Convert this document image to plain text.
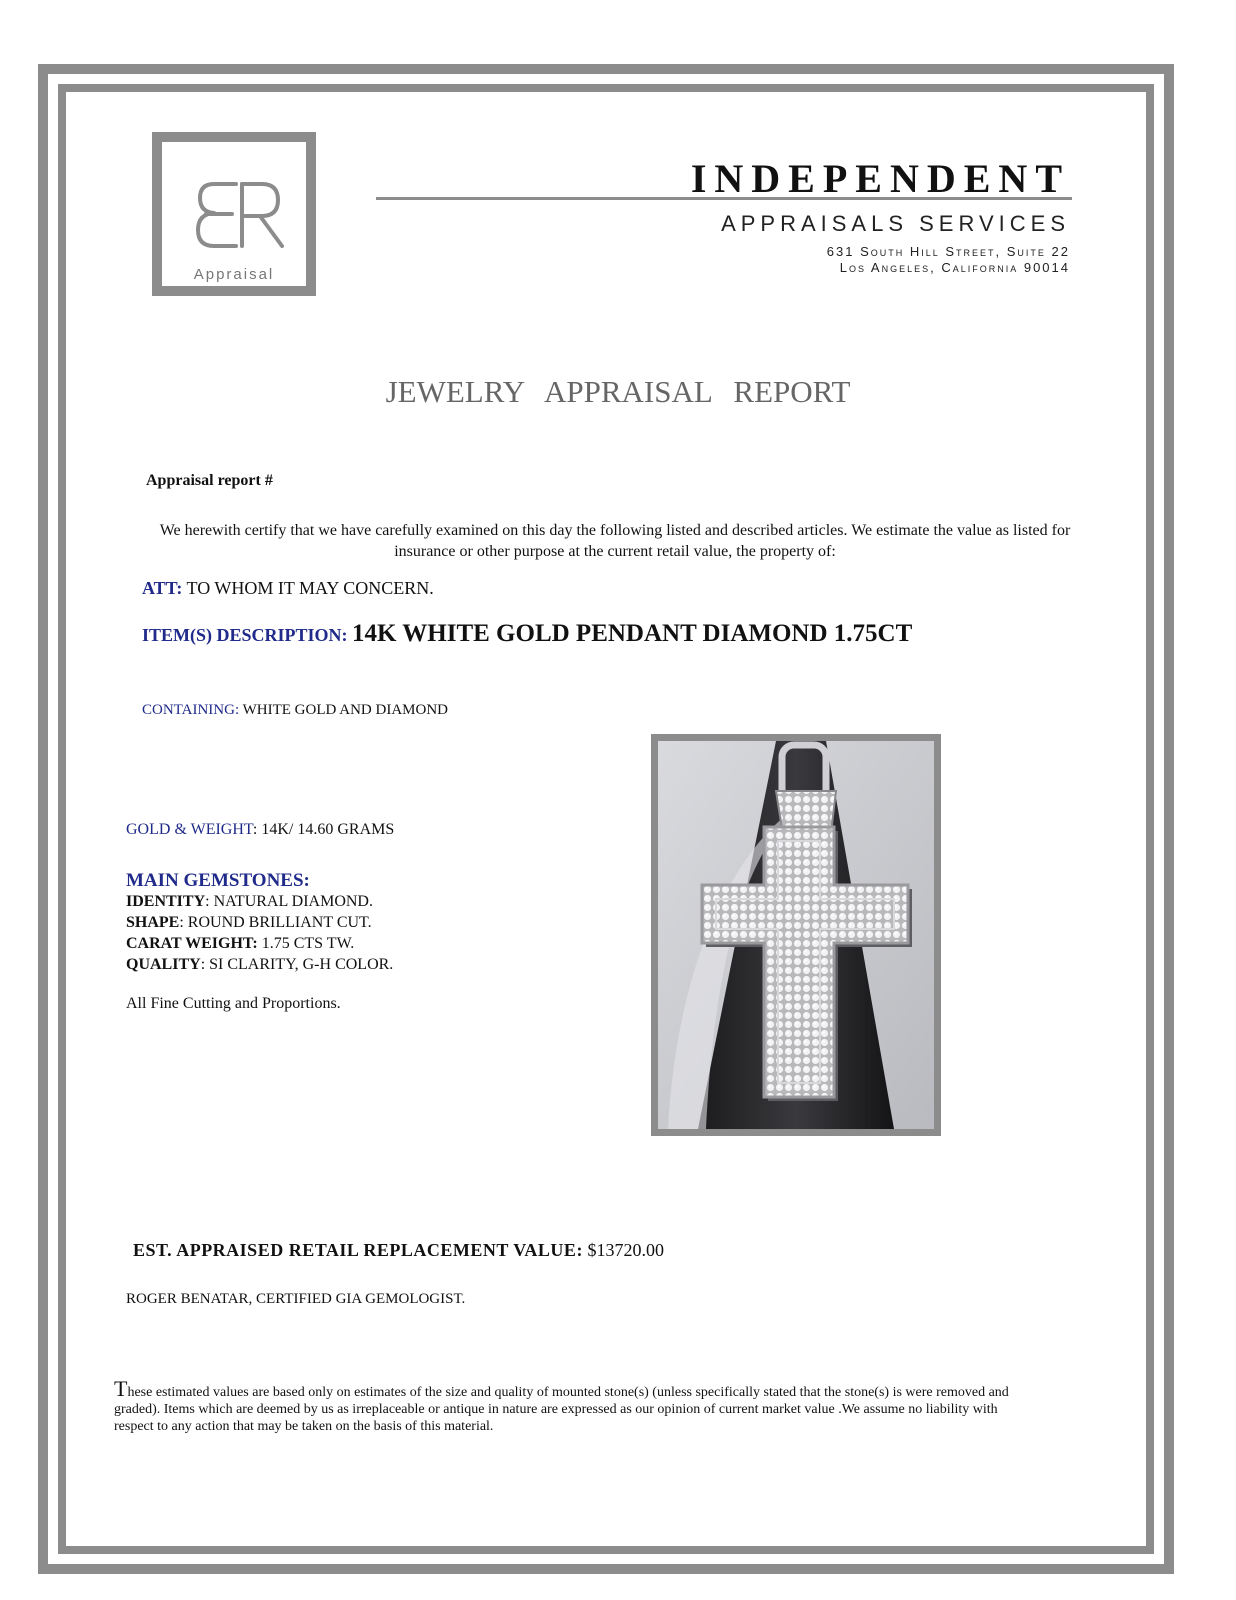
Appraisal
INDEPENDENT
APPRAISALS SERVICES
631 South Hill Street, Suite 22
Los Angeles, California 90014
JEWELRY APPRAISAL REPORT
Appraisal report #
We herewith certify that we have carefully examined on this day the following listed and described articles. We estimate the value as listed for insurance or other purpose at the current retail value, the property of:
ATT: TO WHOM IT MAY CONCERN.
ITEM(S) DESCRIPTION: 14K WHITE GOLD PENDANT DIAMOND 1.75CT
CONTAINING: WHITE GOLD AND DIAMOND
GOLD & WEIGHT: 14K/ 14.60 GRAMS
MAIN GEMSTONES:
IDENTITY: NATURAL DIAMOND.
SHAPE: ROUND BRILLIANT CUT.
CARAT WEIGHT: 1.75 CTS TW.
QUALITY: SI CLARITY, G-H COLOR.
All Fine Cutting and Proportions.
EST. APPRAISED RETAIL REPLACEMENT VALUE: $13720.00
ROGER BENATAR, CERTIFIED GIA GEMOLOGIST.
These estimated values are based only on estimates of the size and quality of mounted stone(s) (unless specifically stated that the stone(s) is were removed and graded). Items which are deemed by us as irreplaceable or antique in nature are expressed as our opinion of current market value .We assume no liability with respect to any action that may be taken on the basis of this material.
